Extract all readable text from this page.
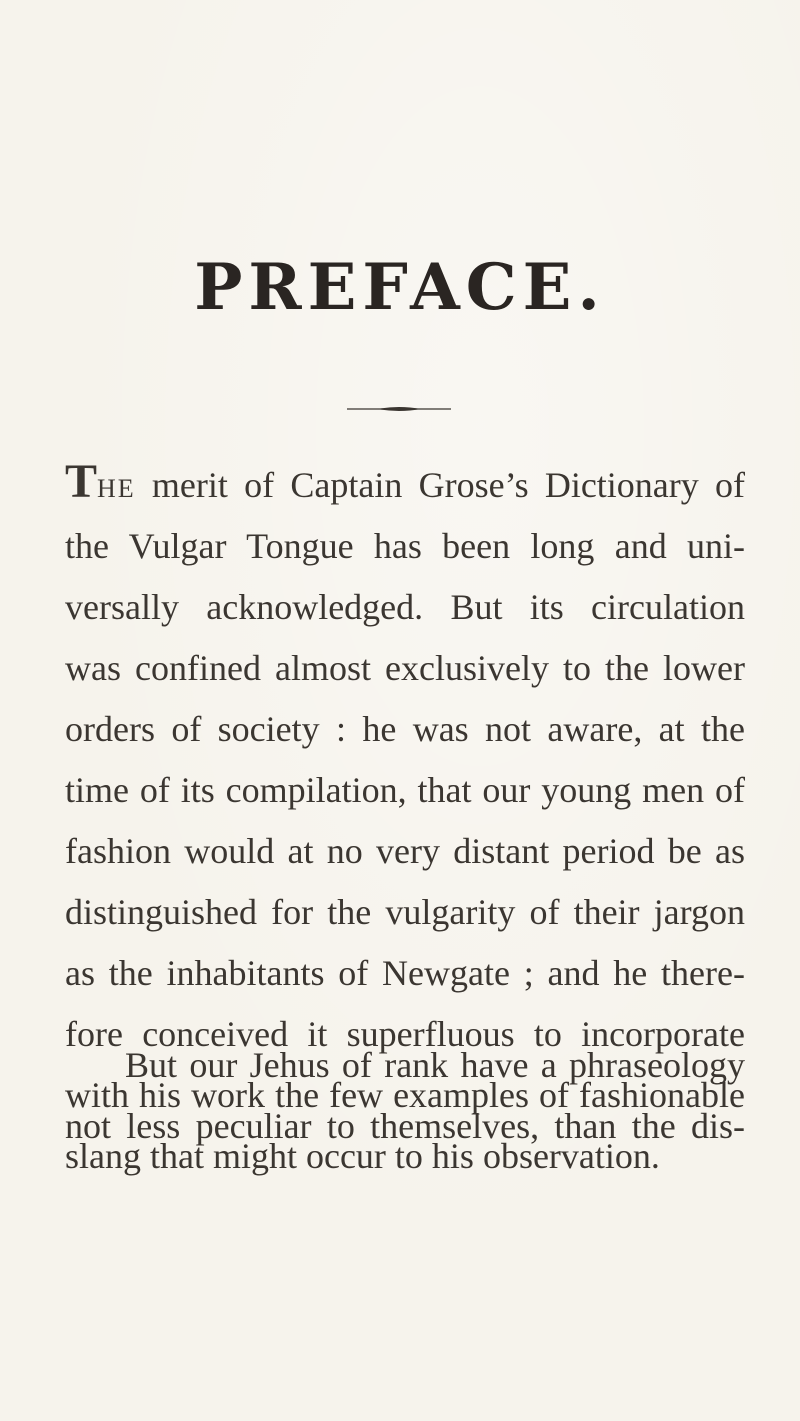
PREFACE.
THE merit of Captain Grose’s Dictionary of
the Vulgar Tongue has been long and uni-
versally acknowledged. But its circulation
was confined almost exclusively to the lower
orders of society : he was not aware, at the
time of its compilation, that our young men of
fashion would at no very distant period be as
distinguished for the vulgarity of their jargon
as the inhabitants of Newgate ; and he there-
fore conceived it superfluous to incorporate
with his work the few examples of fashionable
slang that might occur to his observation.
But our Jehus of rank have a phraseology
not less peculiar to themselves, than the dis-
